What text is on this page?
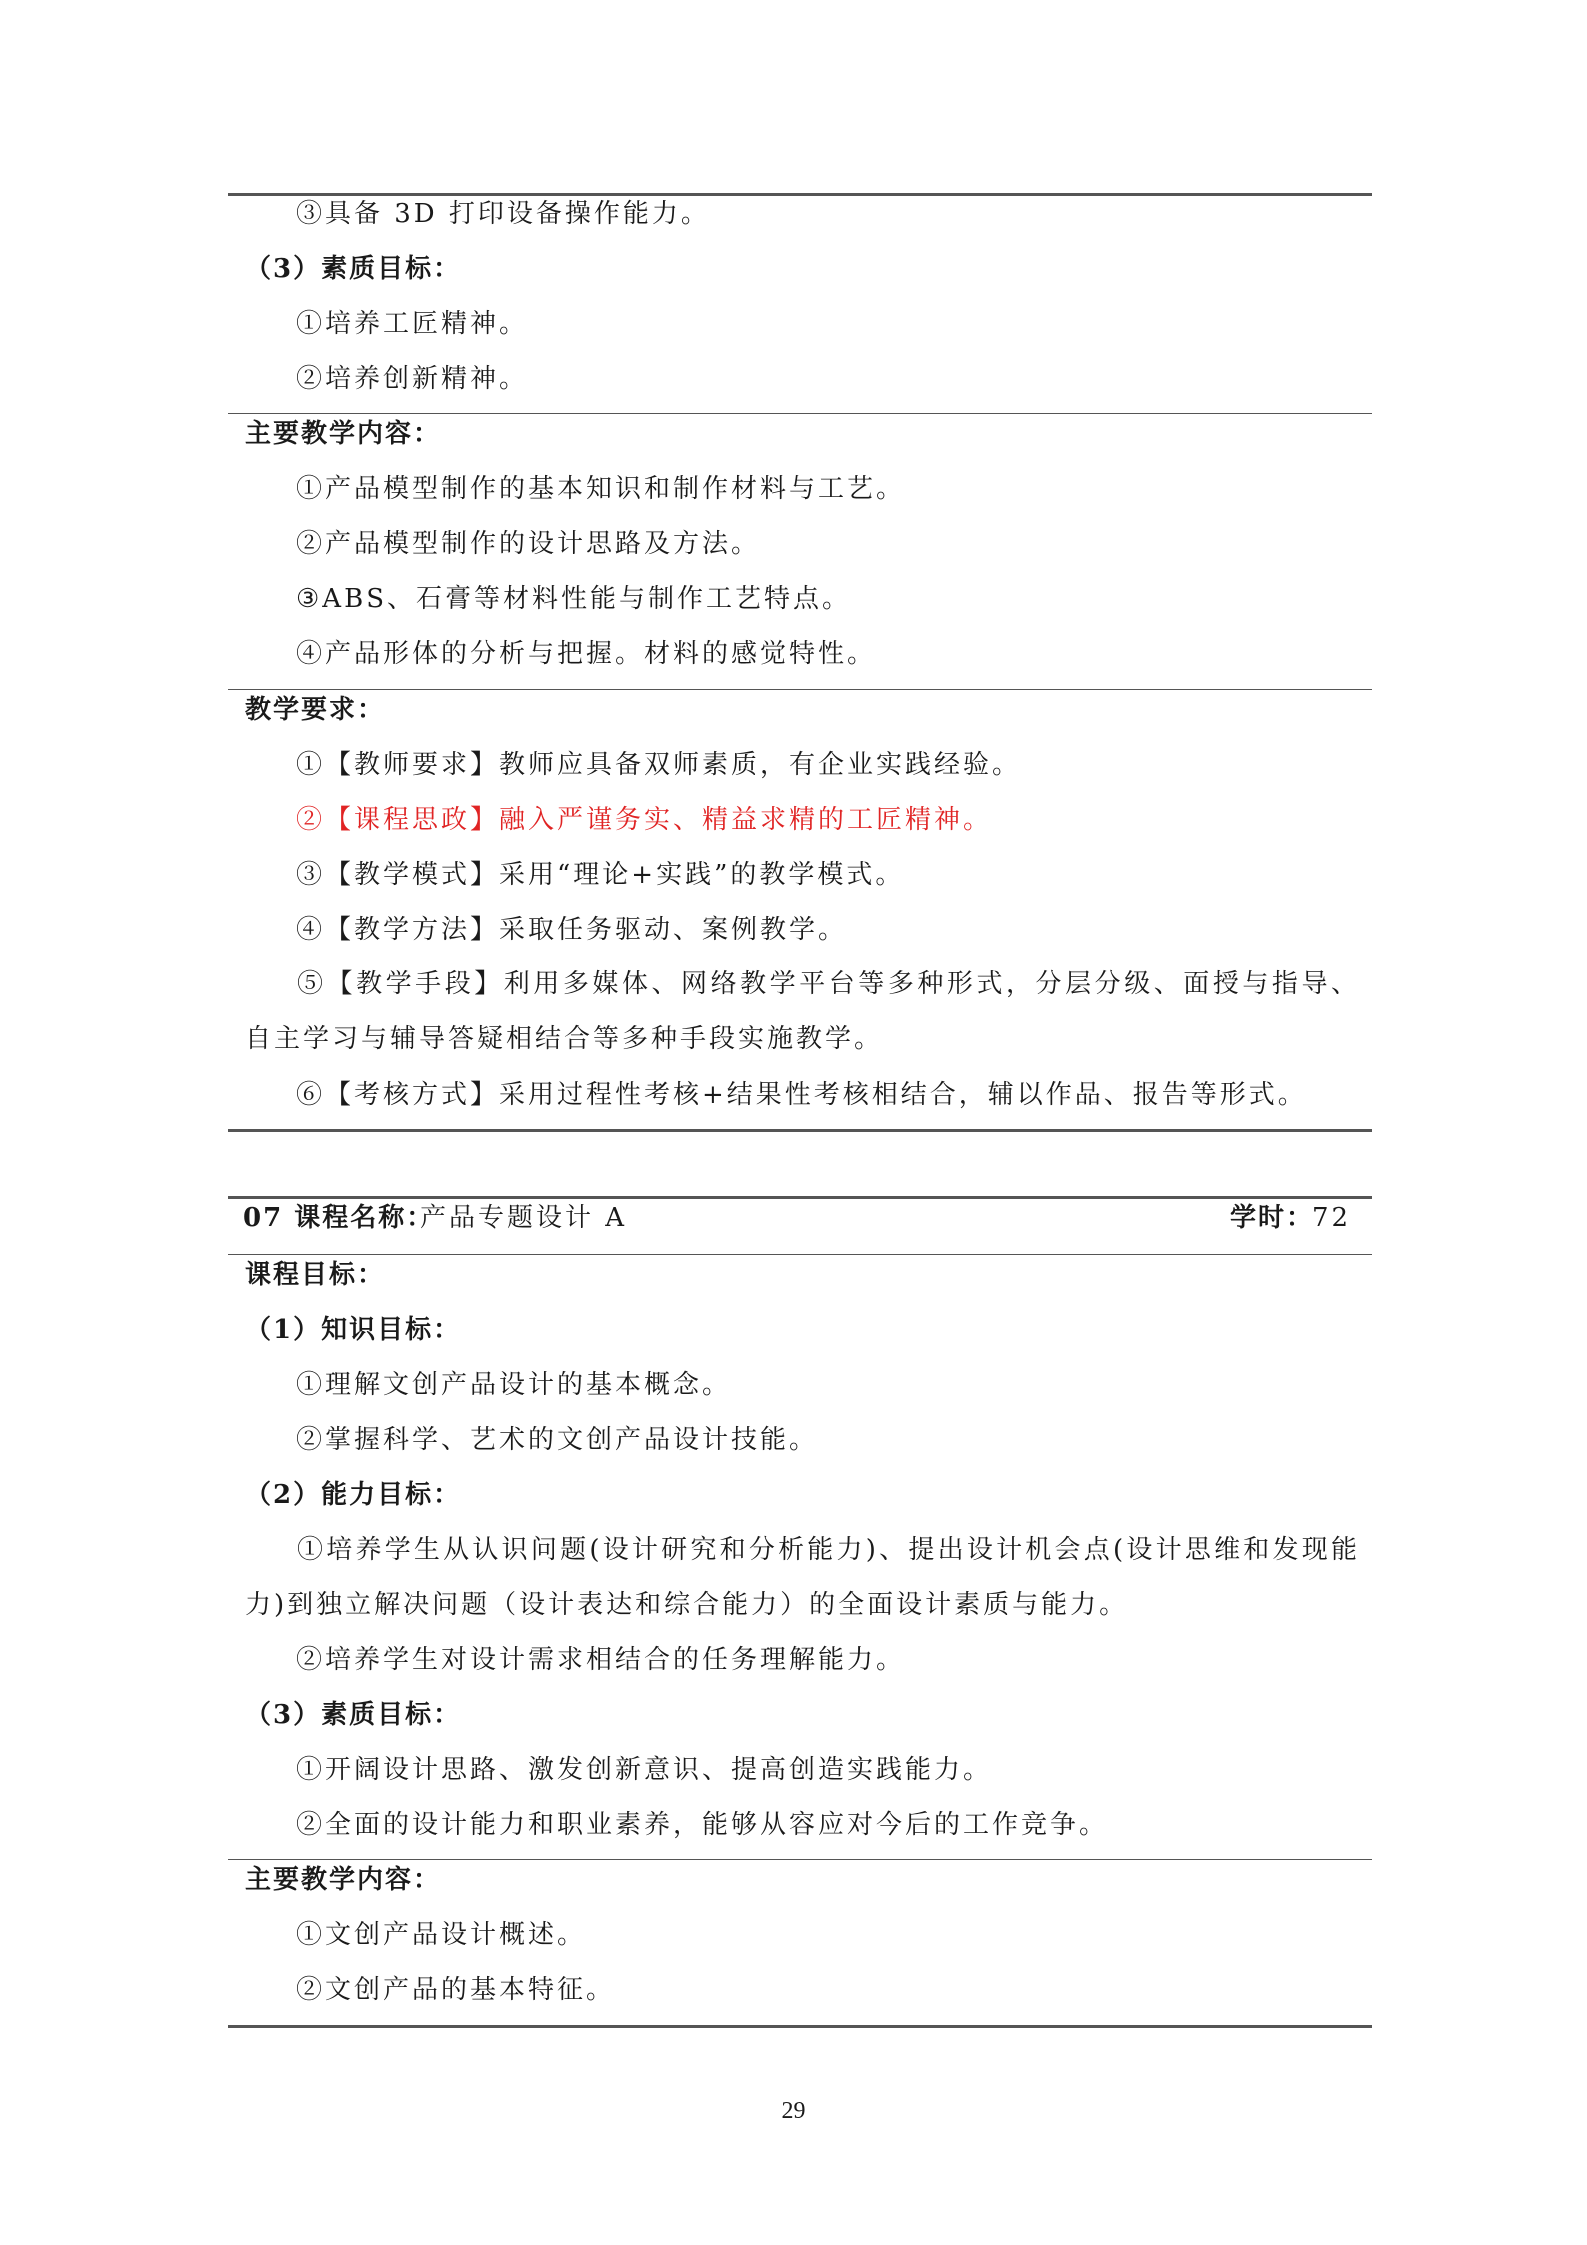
③具备 3D 打印设备操作能力。
（3）素质目标：
①培养工匠精神。
②培养创新精神。
主要教学内容：
①产品模型制作的基本知识和制作材料与工艺。
②产品模型制作的设计思路及方法。
③ABS、石膏等材料性能与制作工艺特点。
④产品形体的分析与把握。材料的感觉特性。
教学要求：
①【教师要求】教师应具备双师素质，有企业实践经验。
②【课程思政】融入严谨务实、精益求精的工匠精神。
③【教学模式】采用“理论+实践”的教学模式。
④【教学方法】采取任务驱动、案例教学。
⑤【教学手段】利用多媒体、网络教学平台等多种形式，分层分级、面授与指导、自主学习与辅导答疑相结合等多种手段实施教学。
⑥【考核方式】采用过程性考核+结果性考核相结合，辅以作品、报告等形式。
07 课程名称：
产品专题设计 A	学时：
72
课程目标：
（1）知识目标：
①理解文创产品设计的基本概念。
②掌握科学、艺术的文创产品设计技能。
（2）能力目标：
①培养学生从认识问题(设计研究和分析能力)、提出设计机会点(设计思维和发现能力)到独立解决问题（设计表达和综合能力）的全面设计素质与能力。
②培养学生对设计需求相结合的任务理解能力。
（3）素质目标：
①开阔设计思路、激发创新意识、提高创造实践能力。
②全面的设计能力和职业素养，能够从容应对今后的工作竞争。
主要教学内容：
①文创产品设计概述。
②文创产品的基本特征。
29
